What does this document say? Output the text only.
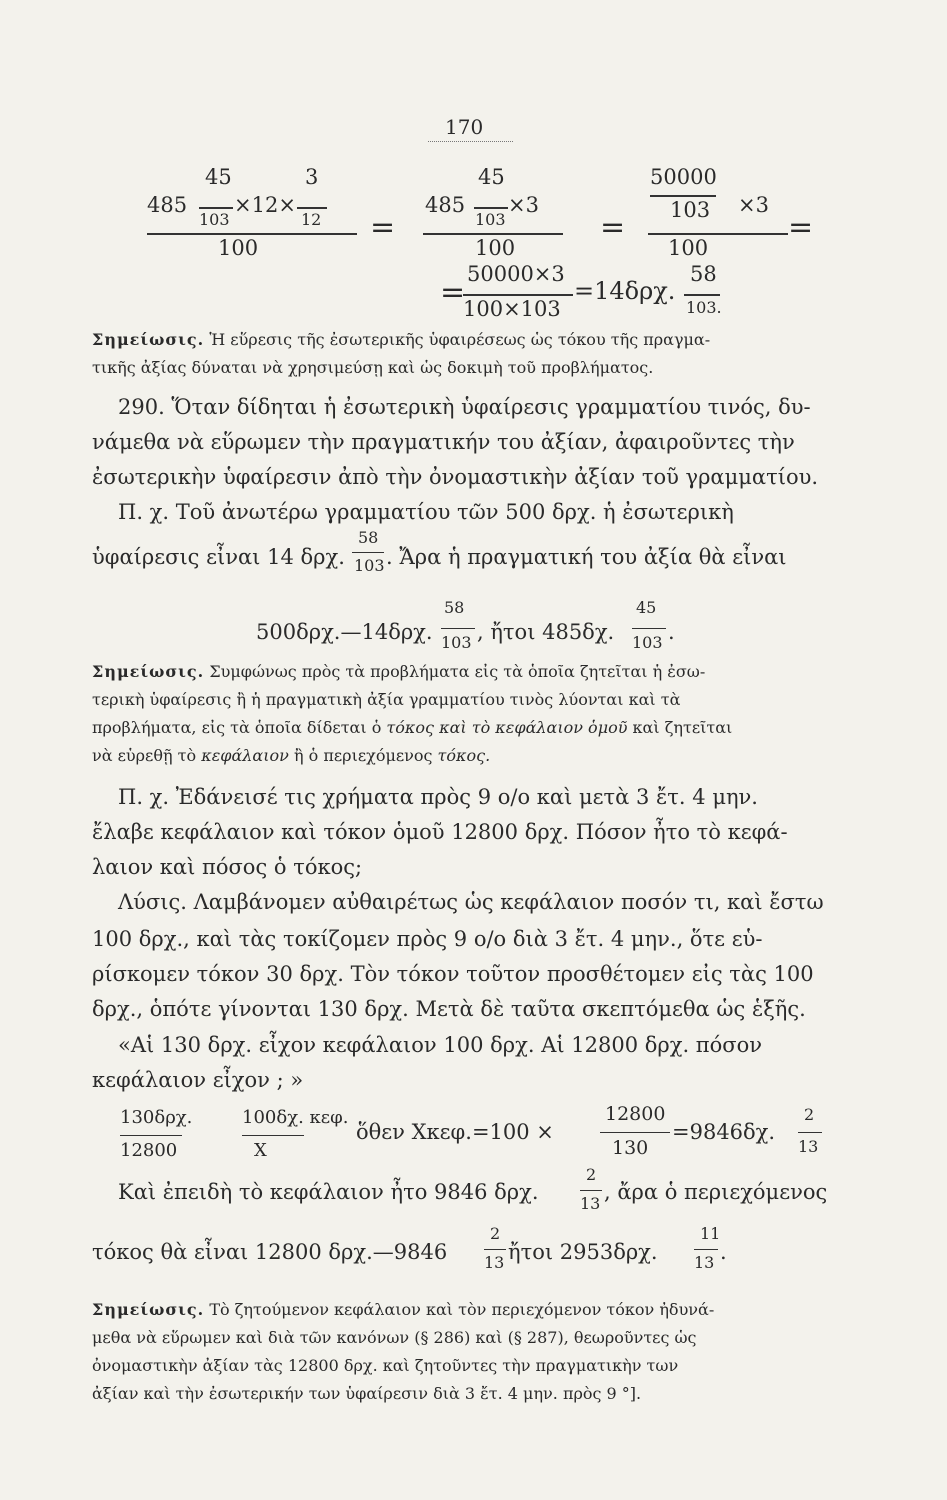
170
45	3
485
103
×12×
12
100
=
45
485
103
×3
100
=
50000
103 ×3
100
=
=
50000×3
100×103
=14δρχ.
58
103.
Σημείωσις. Ἡ εὕρεσις τῆς ἐσωτερικῆς ὑφαιρέσεως ὡς τόκου τῆς πραγμα-
τικῆς ἀξίας δύναται νὰ χρησιμεύσῃ καὶ ὡς δοκιμὴ τοῦ προβλήματος.
290. Ὅταν δίδηται ἡ ἐσωτερικὴ ὑφαίρεσις γραμματίου τινός, δυ-
νάμεθα νὰ εὕρωμεν τὴν πραγματικήν του ἀξίαν, ἀφαιροῦντες τὴν
ἐσωτερικὴν ὑφαίρεσιν ἀπὸ τὴν ὀνομαστικὴν ἀξίαν τοῦ γραμματίου.
Π. χ. Τοῦ ἀνωτέρω γραμματίου τῶν 500 δρχ. ἡ ἐσωτερικὴ
ὑφαίρεσις εἶναι 14 δρχ.
58
103 . Ἄρα ἡ πραγματική του ἀξία θὰ εἶναι
500δρχ.—14δρχ.
58
103 , ἤτοι 485δχ.
45
103 .
Σημείωσις. Συμφώνως πρὸς τὰ προβλήματα εἰς τὰ ὁποῖα ζητεῖται ἡ ἐσω-
τερικὴ ὑφαίρεσις ἢ ἡ πραγματικὴ ἀξία γραμματίου τινὸς λύονται καὶ τὰ
προβλήματα, εἰς τὰ ὁποῖα δίδεται ὁ τόκος καὶ τὸ κεφάλαιον ὁμοῦ καὶ ζητεῖται
νὰ εὑρεθῇ τὸ κεφάλαιον ἢ ὁ περιεχόμενος τόκος.
Π. χ. Ἐδάνεισέ τις χρήματα πρὸς 9 ο/ο καὶ μετὰ 3 ἔτ. 4 μην.
ἔλαβε κεφάλαιον καὶ τόκον ὁμοῦ 12800 δρχ. Πόσον ἦτο τὸ κεφά-
λαιον καὶ πόσος ὁ τόκος;
Λύσις. Λαμβάνομεν αὐθαιρέτως ὡς κεφάλαιον ποσόν τι, καὶ ἔστω
100 δρχ., καὶ τὰς τοκίζομεν πρὸς 9 ο/ο διὰ 3 ἔτ. 4 μην., ὅτε εὑ-
ρίσκομεν τόκον 30 δρχ. Τὸν τόκον τοῦτον προσθέτομεν εἰς τὰς 100
δρχ., ὁπότε γίνονται 130 δρχ. Μετὰ δὲ ταῦτα σκεπτόμεθα ὡς ἑξῆς.
«Αἱ 130 δρχ. εἶχον κεφάλαιον 100 δρχ. Αἱ 12800 δρχ. πόσον
κεφάλαιον εἶχον ; »
130δρχ.
12800
100δχ. κεφ.
Χ
ὅθεν Χκεφ.=100 ×
12800
130
=9846δχ.
2
13
Καὶ ἐπειδὴ τὸ κεφάλαιον ἦτο 9846 δρχ.
2
13 , ἄρα ὁ περιεχόμενος
τόκος θὰ εἶναι 12800 δρχ.—9846
2
13 ἤτοι 2953δρχ.
11
13 .
Σημείωσις. Τὸ ζητούμενον κεφάλαιον καὶ τὸν περιεχόμενον τόκον ἠδυνά-
μεθα νὰ εὕρωμεν καὶ διὰ τῶν κανόνων (§ 286) καὶ (§ 287), θεωροῦντες ὡς
ὀνομαστικὴν ἀξίαν τὰς 12800 δρχ. καὶ ζητοῦντες τὴν πραγματικὴν των
ἀξίαν καὶ τὴν ἐσωτερικήν των ὑφαίρεσιν διὰ 3 ἔτ. 4 μην. πρὸς 9 °].
